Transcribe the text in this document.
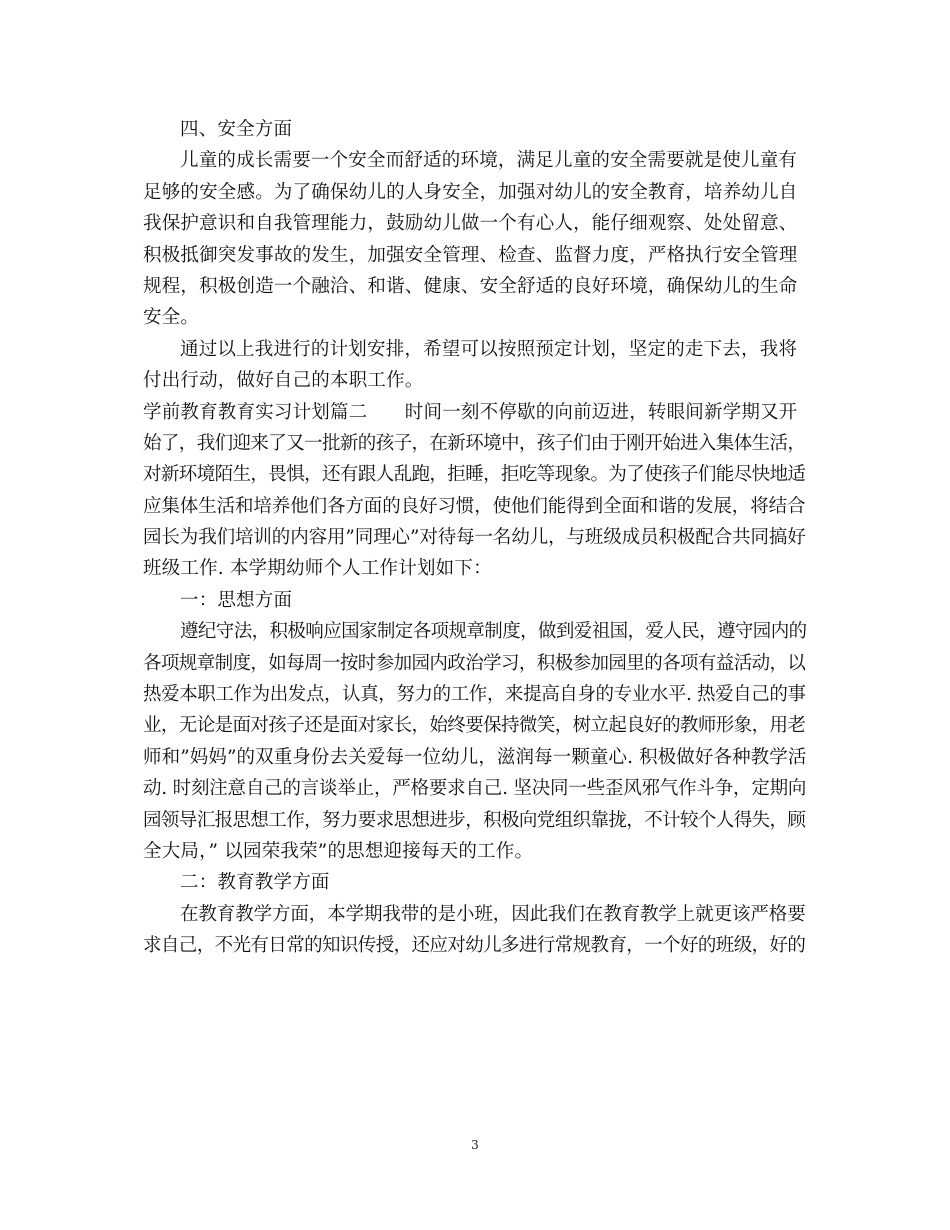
四、安全方面
儿童的成长需要一个安全而舒适的环境，满足儿童的安全需要就是使儿童有
足够的安全感。为了确保幼儿的人身安全，加强对幼儿的安全教育，培养幼儿自
我保护意识和自我管理能力，鼓励幼儿做一个有心人，能仔细观察、处处留意、
积极抵御突发事故的发生，加强安全管理、检查、监督力度，严格执行安全管理
规程，积极创造一个融洽、和谐、健康、安全舒适的良好环境，确保幼儿的生命
安全。
通过以上我进行的计划安排，希望可以按照预定计划，坚定的走下去，我将
付出行动，做好自己的本职工作。
学前教育教育实习计划篇二　　时间一刻不停歇的向前迈进，转眼间新学期又开
始了，我们迎来了又一批新的孩子，在新环境中，孩子们由于刚开始进入集体生活，
对新环境陌生，畏惧，还有跟人乱跑，拒睡，拒吃等现象。为了使孩子们能尽快地适
应集体生活和培养他们各方面的良好习惯，使他们能得到全面和谐的发展，将结合
园长为我们培训的内容用”同理心”对待每一名幼儿，与班级成员积极配合共同搞好
班级工作. 本学期幼师个人工作计划如下：
一：思想方面
遵纪守法，积极响应国家制定各项规章制度，做到爱祖国，爱人民，遵守园内的
各项规章制度，如每周一按时参加园内政治学习，积极参加园里的各项有益活动，以
热爱本职工作为出发点，认真，努力的工作，来提高自身的专业水平. 热爱自己的事
业，无论是面对孩子还是面对家长，始终要保持微笑，树立起良好的教师形象，用老
师和”妈妈”的双重身份去关爱每一位幼儿，滋润每一颗童心. 积极做好各种教学活
动. 时刻注意自己的言谈举止，严格要求自己. 坚决同一些歪风邪气作斗争，定期向
园领导汇报思想工作，努力要求思想进步，积极向党组织靠拢，不计较个人得失，顾
全大局，” 以园荣我荣”的思想迎接每天的工作。
二：教育教学方面
在教育教学方面，本学期我带的是小班，因此我们在教育教学上就更该严格要
求自己，不光有日常的知识传授，还应对幼儿多进行常规教育，一个好的班级，好的
3
